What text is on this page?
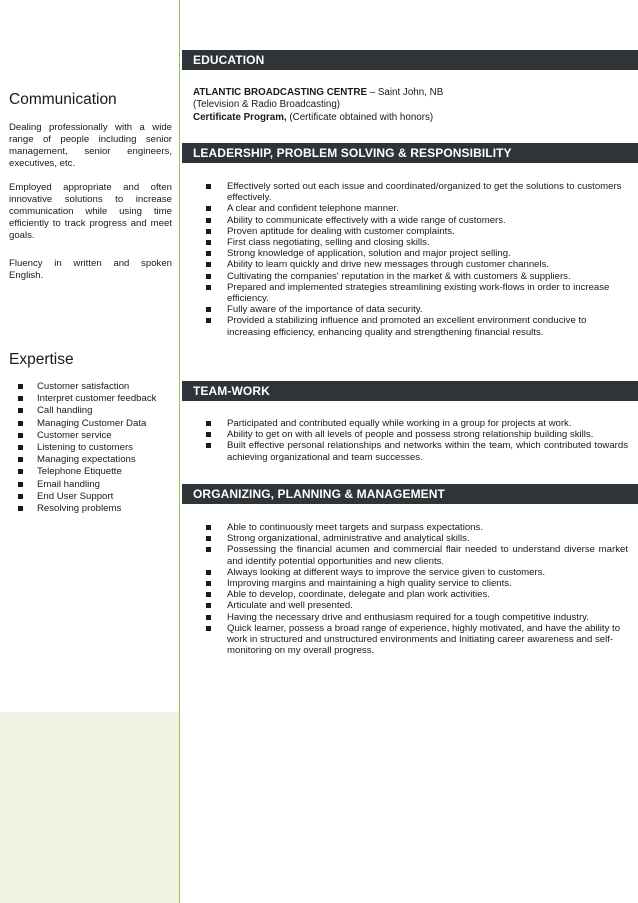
Communication

Dealing professionally with a wide range of people including senior management, senior engineers, executives, etc.

Employed appropriate and often innovative solutions to increase communication while using time efficiently to track progress and meet goals.

Fluency in written and spoken English.

Expertise
Customer satisfaction
Interpret customer feedback
Call handling
Managing Customer Data
Customer service
Listening to customers
Managing expectations
Telephone Etiquette
Email handling
End User Support
Resolving problems
EDUCATION
ATLANTIC BROADCASTING CENTRE – Saint John, NB
(Television & Radio Broadcasting)
Certificate Program, (Certificate obtained with honors)
LEADERSHIP, PROBLEM SOLVING & RESPONSIBILITY
Effectively sorted out each issue and coordinated/organized to get the solutions to customers effectively.
A clear and confident telephone manner.
Ability to communicate effectively with a wide range of customers.
Proven aptitude for dealing with customer complaints.
First class negotiating, selling and closing skills.
Strong knowledge of application, solution and major project selling.
Ability to learn quickly and drive new messages through customer channels.
Cultivating the companies' reputation in the market & with customers & suppliers.
Prepared and implemented strategies streamlining existing work-flows in order to increase efficiency.
Fully aware of the importance of data security.
Provided a stabilizing influence and promoted an excellent environment conducive to increasing efficiency, enhancing quality and strengthening financial results.
TEAM-WORK
Participated and contributed equally while working in a group for projects at work.
Ability to get on with all levels of people and possess strong relationship building skills.
Built effective personal relationships and networks within the team, which contributed towards achieving organizational and team successes.
ORGANIZING, PLANNING & MANAGEMENT
Able to continuously meet targets and surpass expectations.
Strong organizational, administrative and analytical skills.
Possessing the financial acumen and commercial flair needed to understand diverse market and identify potential opportunities and new clients.
Always looking at different ways to improve the service given to customers.
Improving margins and maintaining a high quality service to clients.
Able to develop, coordinate, delegate and plan work activities.
Articulate and well presented.
Having the necessary drive and enthusiasm required for a tough competitive industry.
Quick learner, possess a broad range of experience, highly motivated, and have the ability to work in structured and unstructured environments and Initiating career awareness and self-monitoring on my overall progress.
